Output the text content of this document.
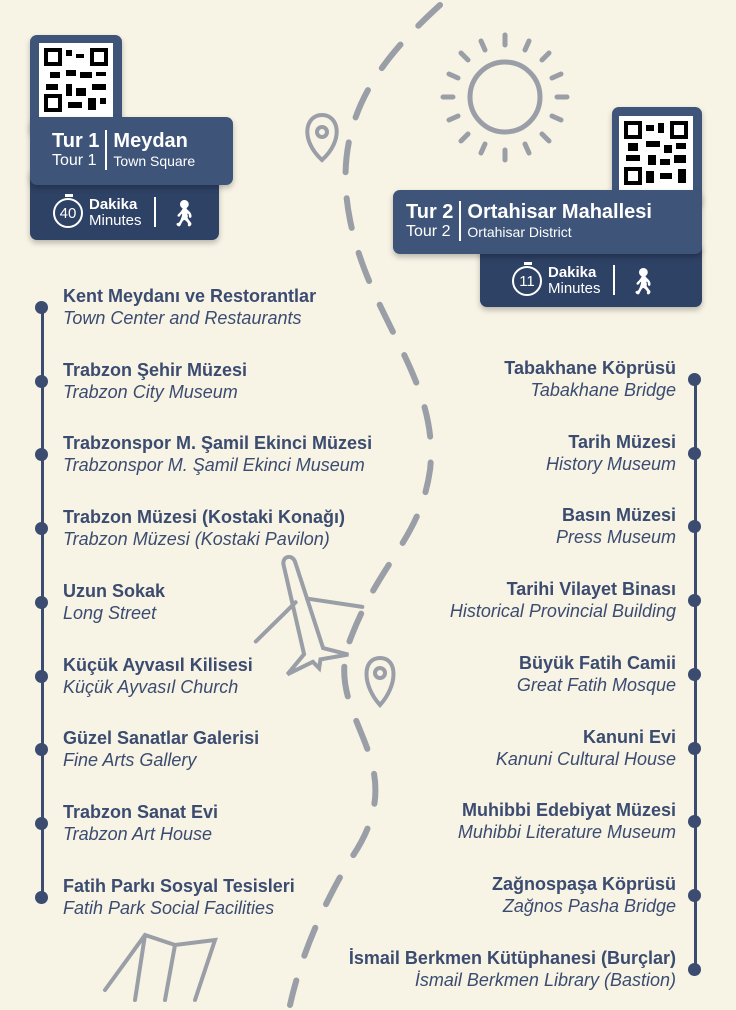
Tur 1
Tour 1
Meydan
Town Square
40 Dakika
Minutes 🚶︎	Tur 2
Tour 2
Ortahisar Mahallesi
Ortahisar District
11 Dakika
Minutes 🚶︎
Kent Meydanı ve Restorantlar
Town Center and Restaurants
Trabzon Şehir Müzesi
Trabzon City Museum
Trabzonspor M. Şamil Ekinci Müzesi
Trabzonspor M. Şamil Ekinci Museum
Trabzon Müzesi (Kostaki Konağı)
Trabzon Müzesi (Kostaki Pavilon)
Uzun Sokak
Long Street
Küçük Ayvasıl Kilisesi
Küçük Ayvasıl Church
Güzel Sanatlar Galerisi
Fine Arts Gallery
Trabzon Sanat Evi
Trabzon Art House
Fatih Parkı Sosyal Tesisleri
Fatih Park Social Facilities
Tabakhane Köprüsü
Tabakhane Bridge
Tarih Müzesi
History Museum
Basın Müzesi
Press Museum
Tarihi Vilayet Binası
Historical Provincial Building
Büyük Fatih Camii
Great Fatih Mosque
Kanuni Evi
Kanuni Cultural House
Muhibbi Edebiyat Müzesi
Muhibbi Literature Museum
Zağnospaşa Köprüsü
Zağnos Pasha Bridge
İsmail Berkmen Kütüphanesi (Burçlar)
İsmail Berkmen Library (Bastion)
